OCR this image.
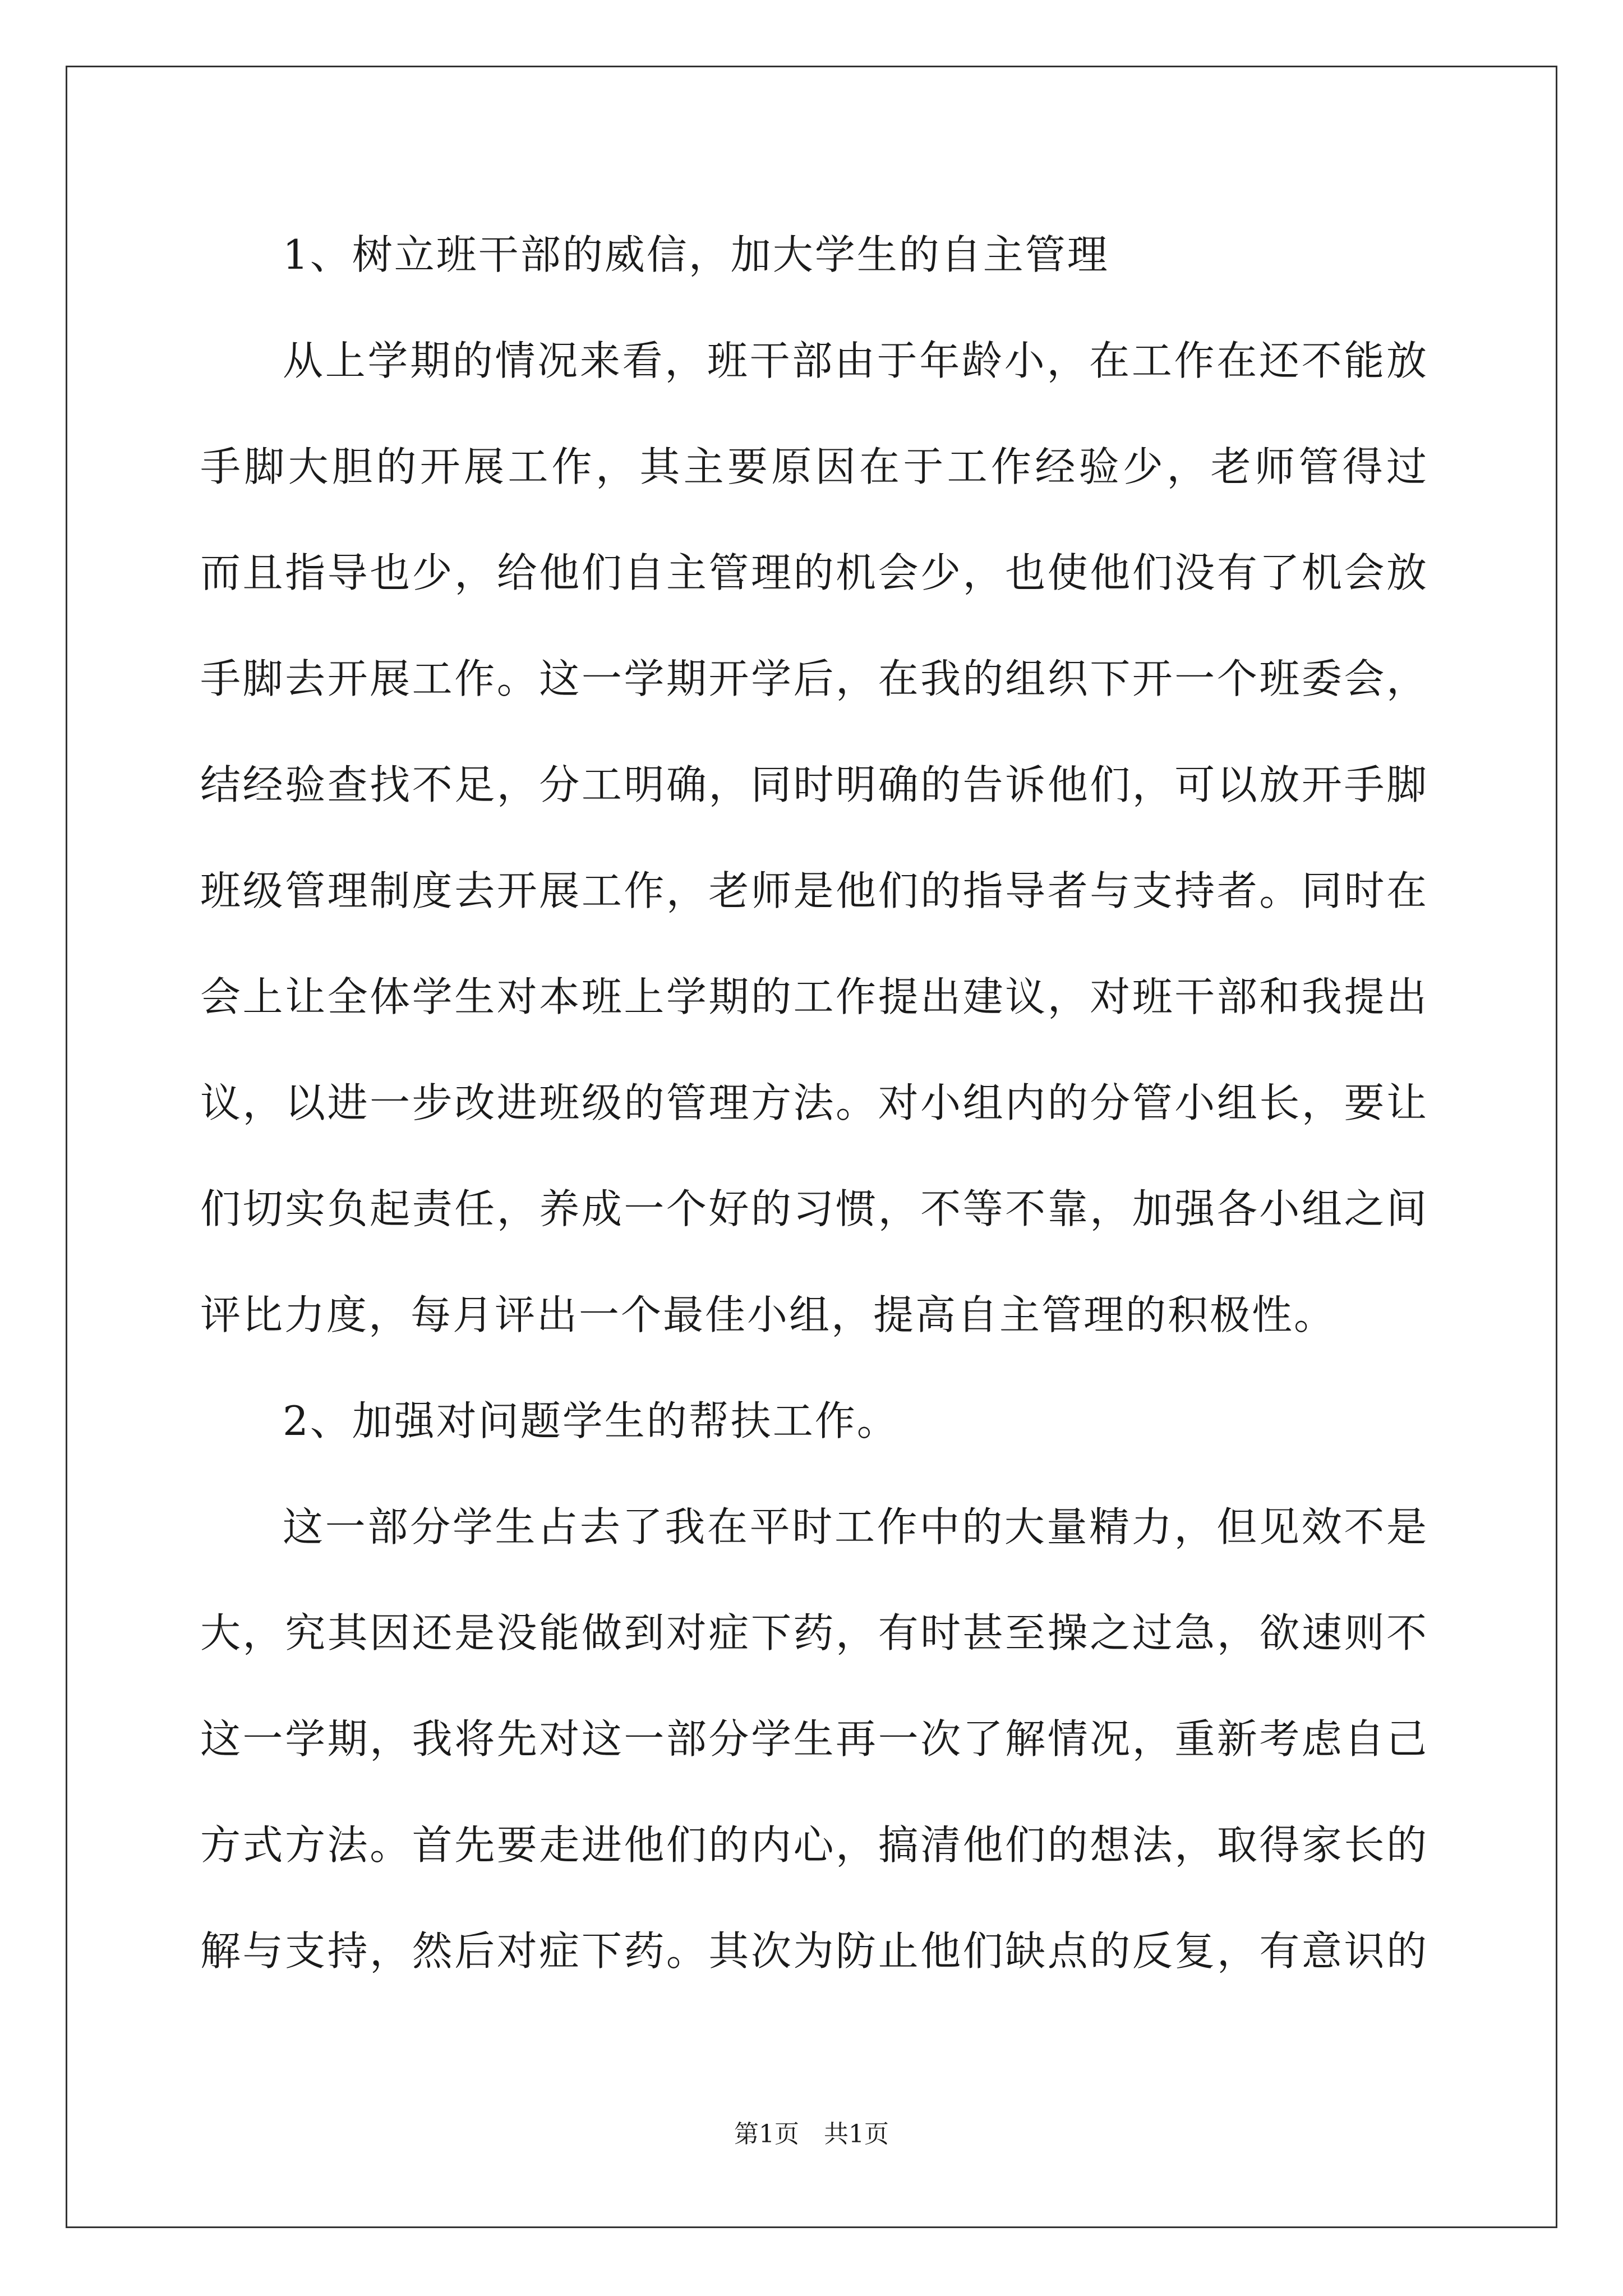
1、树立班干部的威信，加大学生的自主管理
从上学期的情况来看，班干部由于年龄小，在工作在还不能放
手脚大胆的开展工作，其主要原因在于工作经验少，老师管得过
而且指导也少，给他们自主管理的机会少，也使他们没有了机会放
手脚去开展工作。这一学期开学后，在我的组织下开一个班委会，
结经验查找不足，分工明确，同时明确的告诉他们，可以放开手脚
班级管理制度去开展工作，老师是他们的指导者与支持者。同时在
会上让全体学生对本班上学期的工作提出建议，对班干部和我提出
议，以进一步改进班级的管理方法。对小组内的分管小组长，要让
们切实负起责任，养成一个好的习惯，不等不靠，加强各小组之间
评比力度，每月评出一个最佳小组，提高自主管理的积极性。
2、加强对问题学生的帮扶工作。
这一部分学生占去了我在平时工作中的大量精力，但见效不是
大，究其因还是没能做到对症下药，有时甚至操之过急，欲速则不
这一学期，我将先对这一部分学生再一次了解情况，重新考虑自己
方式方法。首先要走进他们的内心，搞清他们的想法，取得家长的
解与支持，然后对症下药。其次为防止他们缺点的反复，有意识的
第1页　共1页
